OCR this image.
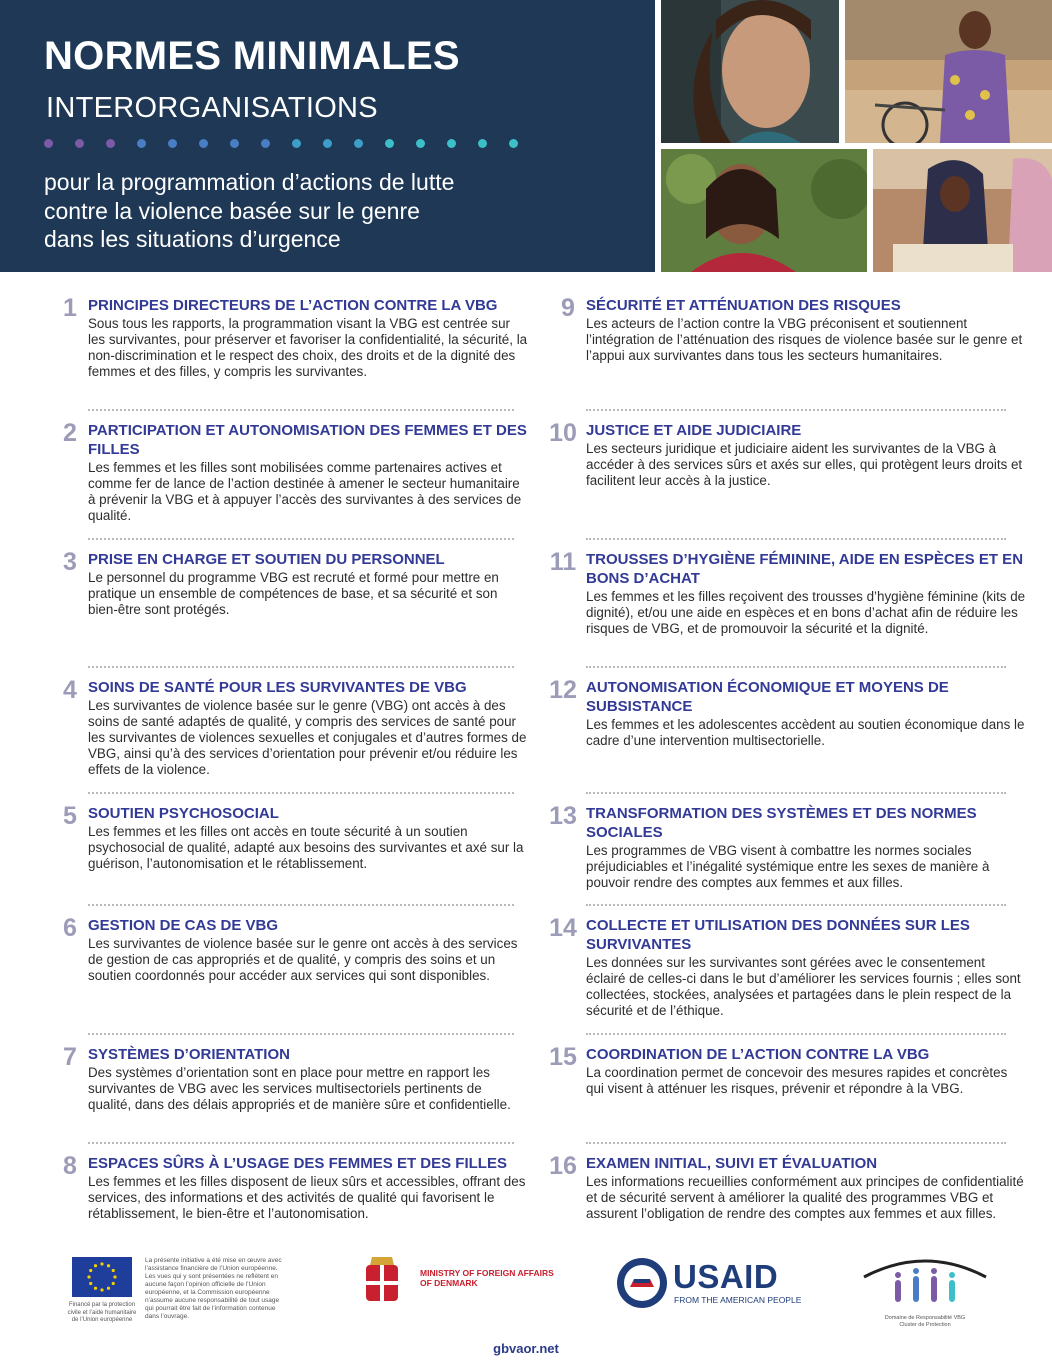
NORMES MINIMALES
INTERORGANISATIONS
pour la programmation d’actions de lutte contre la violence basée sur le genre dans les situations d’urgence
1 PRINCIPES DIRECTEURS DE L’ACTION CONTRE LA VBG
Sous tous les rapports, la programmation visant la VBG est centrée sur les survivantes, pour préserver et favoriser la confidentialité, la sécurité, la non-discrimination et le respect des choix, des droits et de la dignité des femmes et des filles, y compris les survivantes.
2 PARTICIPATION ET AUTONOMISATION DES FEMMES ET DES FILLES
Les femmes et les filles sont mobilisées comme partenaires actives et comme fer de lance de l’action destinée à amener le secteur humanitaire à prévenir la VBG et à appuyer l’accès des survivantes à des services de qualité.
3 PRISE EN CHARGE ET SOUTIEN DU PERSONNEL
Le personnel du programme VBG est recruté et formé pour mettre en pratique un ensemble de compétences de base, et sa sécurité et son bien-être sont protégés.
4 SOINS DE SANTÉ POUR LES SURVIVANTES DE VBG
Les survivantes de violence basée sur le genre (VBG) ont accès à des soins de santé adaptés de qualité, y compris des services de santé pour les survivantes de violences sexuelles et conjugales et d’autres formes de VBG, ainsi qu’à des services d’orientation pour prévenir et/ou réduire les effets de la violence.
5 SOUTIEN PSYCHOSOCIAL
Les femmes et les filles ont accès en toute sécurité à un soutien psychosocial de qualité, adapté aux besoins des survivantes et axé sur la guérison, l’autonomisation et le rétablissement.
6 GESTION DE CAS DE VBG
Les survivantes de violence basée sur le genre ont accès à des services de gestion de cas appropriés et de qualité, y compris des soins et un soutien coordonnés pour accéder aux services qui sont disponibles.
7 SYSTÈMES D’ORIENTATION
Des systèmes d’orientation sont en place pour mettre en rapport les survivantes de VBG avec les services multisectoriels pertinents de qualité, dans des délais appropriés et de manière sûre et confidentielle.
8 ESPACES SÛRS À L’USAGE DES FEMMES ET DES FILLES
Les femmes et les filles disposent de lieux sûrs et accessibles, offrant des services, des informations et des activités de qualité qui favorisent le rétablissement, le bien-être et l’autonomisation.
9 SÉCURITÉ ET ATTÉNUATION DES RISQUES
Les acteurs de l’action contre la VBG préconisent et soutiennent l’intégration de l’atténuation des risques de violence basée sur le genre et l’appui aux survivantes dans tous les secteurs humanitaires.
10 JUSTICE ET AIDE JUDICIAIRE
Les secteurs juridique et judiciaire aident les survivantes de la VBG à accéder à des services sûrs et axés sur elles, qui protègent leurs droits et facilitent leur accès à la justice.
11 TROUSSES D’HYGIÈNE FÉMININE, AIDE EN ESPÈCES ET EN BONS D’ACHAT
Les femmes et les filles reçoivent des trousses d’hygiène féminine (kits de dignité), et/ou une aide en espèces et en bons d’achat afin de réduire les risques de VBG, et de promouvoir la sécurité et la dignité.
12 AUTONOMISATION ÉCONOMIQUE ET MOYENS DE SUBSISTANCE
Les femmes et les adolescentes accèdent au soutien économique dans le cadre d’une intervention multisectorielle.
13 TRANSFORMATION DES SYSTÈMES ET DES NORMES SOCIALES
Les programmes de VBG visent à combattre les normes sociales préjudiciables et l’inégalité systémique entre les sexes de manière à pouvoir rendre des comptes aux femmes et aux filles.
14 COLLECTE ET UTILISATION DES DONNÉES SUR LES SURVIVANTES
Les données sur les survivantes sont gérées avec le consentement éclairé de celles-ci dans le but d’améliorer les services fournis ; elles sont collectées, stockées, analysées et partagées dans le plein respect de la sécurité et de l’éthique.
15 COORDINATION DE L’ACTION CONTRE LA VBG
La coordination permet de concevoir des mesures rapides et concrètes qui visent à atténuer les risques, prévenir et répondre à la VBG.
16 EXAMEN INITIAL, SUIVI ET ÉVALUATION
Les informations recueillies conformément aux principes de confidentialité et de sécurité servent à améliorer la qualité des programmes VBG et assurent l’obligation de rendre des comptes aux femmes et aux filles.
Financé par la protection civile et l’aide humanitaire de l’Union européenne
La présente initiative a été mise en œuvre avec l’assistance financière de l’Union européenne. Les vues qui y sont présentées ne reflètent en aucune façon l’opinion officielle de l’Union européenne, et la Commission européenne n’assume aucune responsabilité de tout usage qui pourrait être fait de l’information contenue dans l’ouvrage.
MINISTRY OF FOREIGN AFFAIRS OF DENMARK	USAID
FROM THE AMERICAN PEOPLE
Domaine de Responsabilité VBG Cluster de Protection
gbvaor.net
